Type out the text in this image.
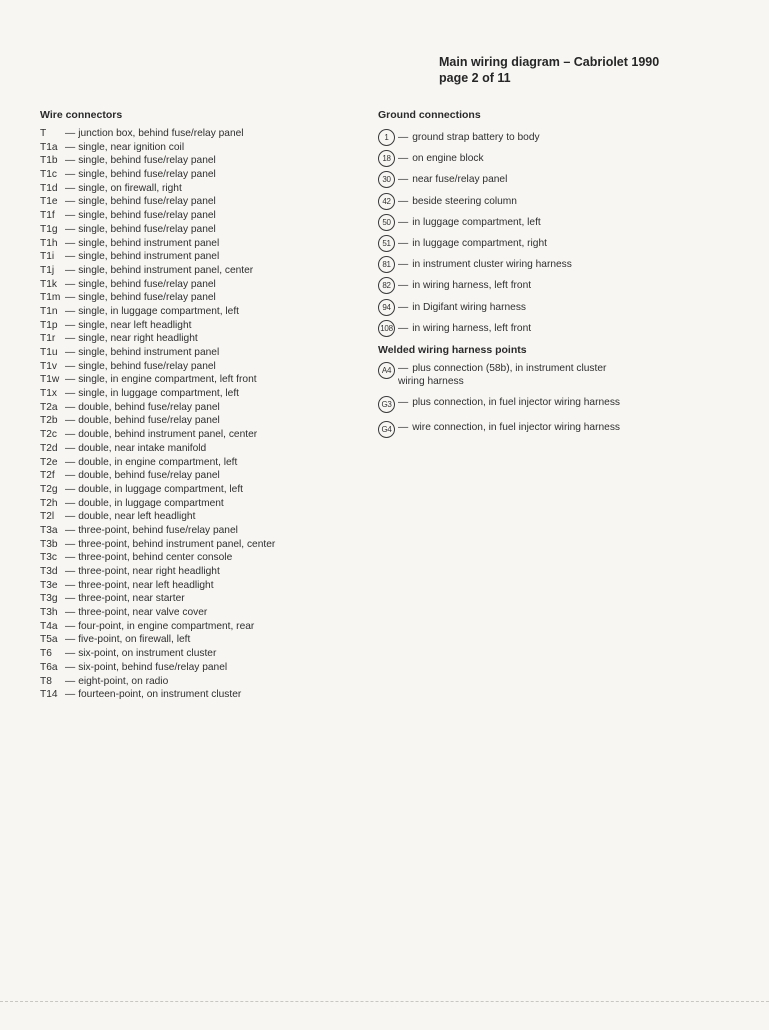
Main wiring diagram – Cabriolet 1990
page 2 of 11
Wire connectors
T	— junction box, behind fuse/relay panel
T1a — single, near ignition coil
T1b — single, behind fuse/relay panel
T1c — single, behind fuse/relay panel
T1d — single, on firewall, right
T1e — single, behind fuse/relay panel
T1f	— single, behind fuse/relay panel
T1g — single, behind fuse/relay panel
T1h — single, behind instrument panel
T1i	— single, behind instrument panel
T1j	— single, behind instrument panel, center
T1k — single, behind fuse/relay panel
T1m — single, behind fuse/relay panel
T1n — single, in luggage compartment, left
T1p — single, near left headlight
T1r — single, near right headlight
T1u — single, behind instrument panel
T1v — single, behind fuse/relay panel
T1w — single, in engine compartment, left front
T1x — single, in luggage compartment, left
T2a — double, behind fuse/relay panel
T2b — double, behind fuse/relay panel
T2c — double, behind instrument panel, center
T2d — double, near intake manifold
T2e — double, in engine compartment, left
T2f	— double, behind fuse/relay panel
T2g — double, in luggage compartment, left
T2h — double, in luggage compartment
T2l	— double, near left headlight
T3a — three-point, behind fuse/relay panel
T3b — three-point, behind instrument panel, center
T3c — three-point, behind center console
T3d — three-point, near right headlight
T3e — three-point, near left headlight
T3g — three-point, near starter
T3h — three-point, near valve cover
T4a — four-point, in engine compartment, rear
T5a — five-point, on firewall, left
T6	— six-point, on instrument cluster
T6a — six-point, behind fuse/relay panel
T8	— eight-point, on radio
T14 — fourteen-point, on instrument cluster
Ground connections
1 — ground strap battery to body
18 — on engine block
30 — near fuse/relay panel
42 — beside steering column
50 — in luggage compartment, left
51 — in luggage compartment, right
81 — in instrument cluster wiring harness
82 — in wiring harness, left front
94 — in Digifant wiring harness
108 — in wiring harness, left front
Welded wiring harness points
A4 — plus connection (58b), in instrument cluster wiring harness
G3 — plus connection, in fuel injector wiring harness
G4 — wire connection, in fuel injector wiring harness
